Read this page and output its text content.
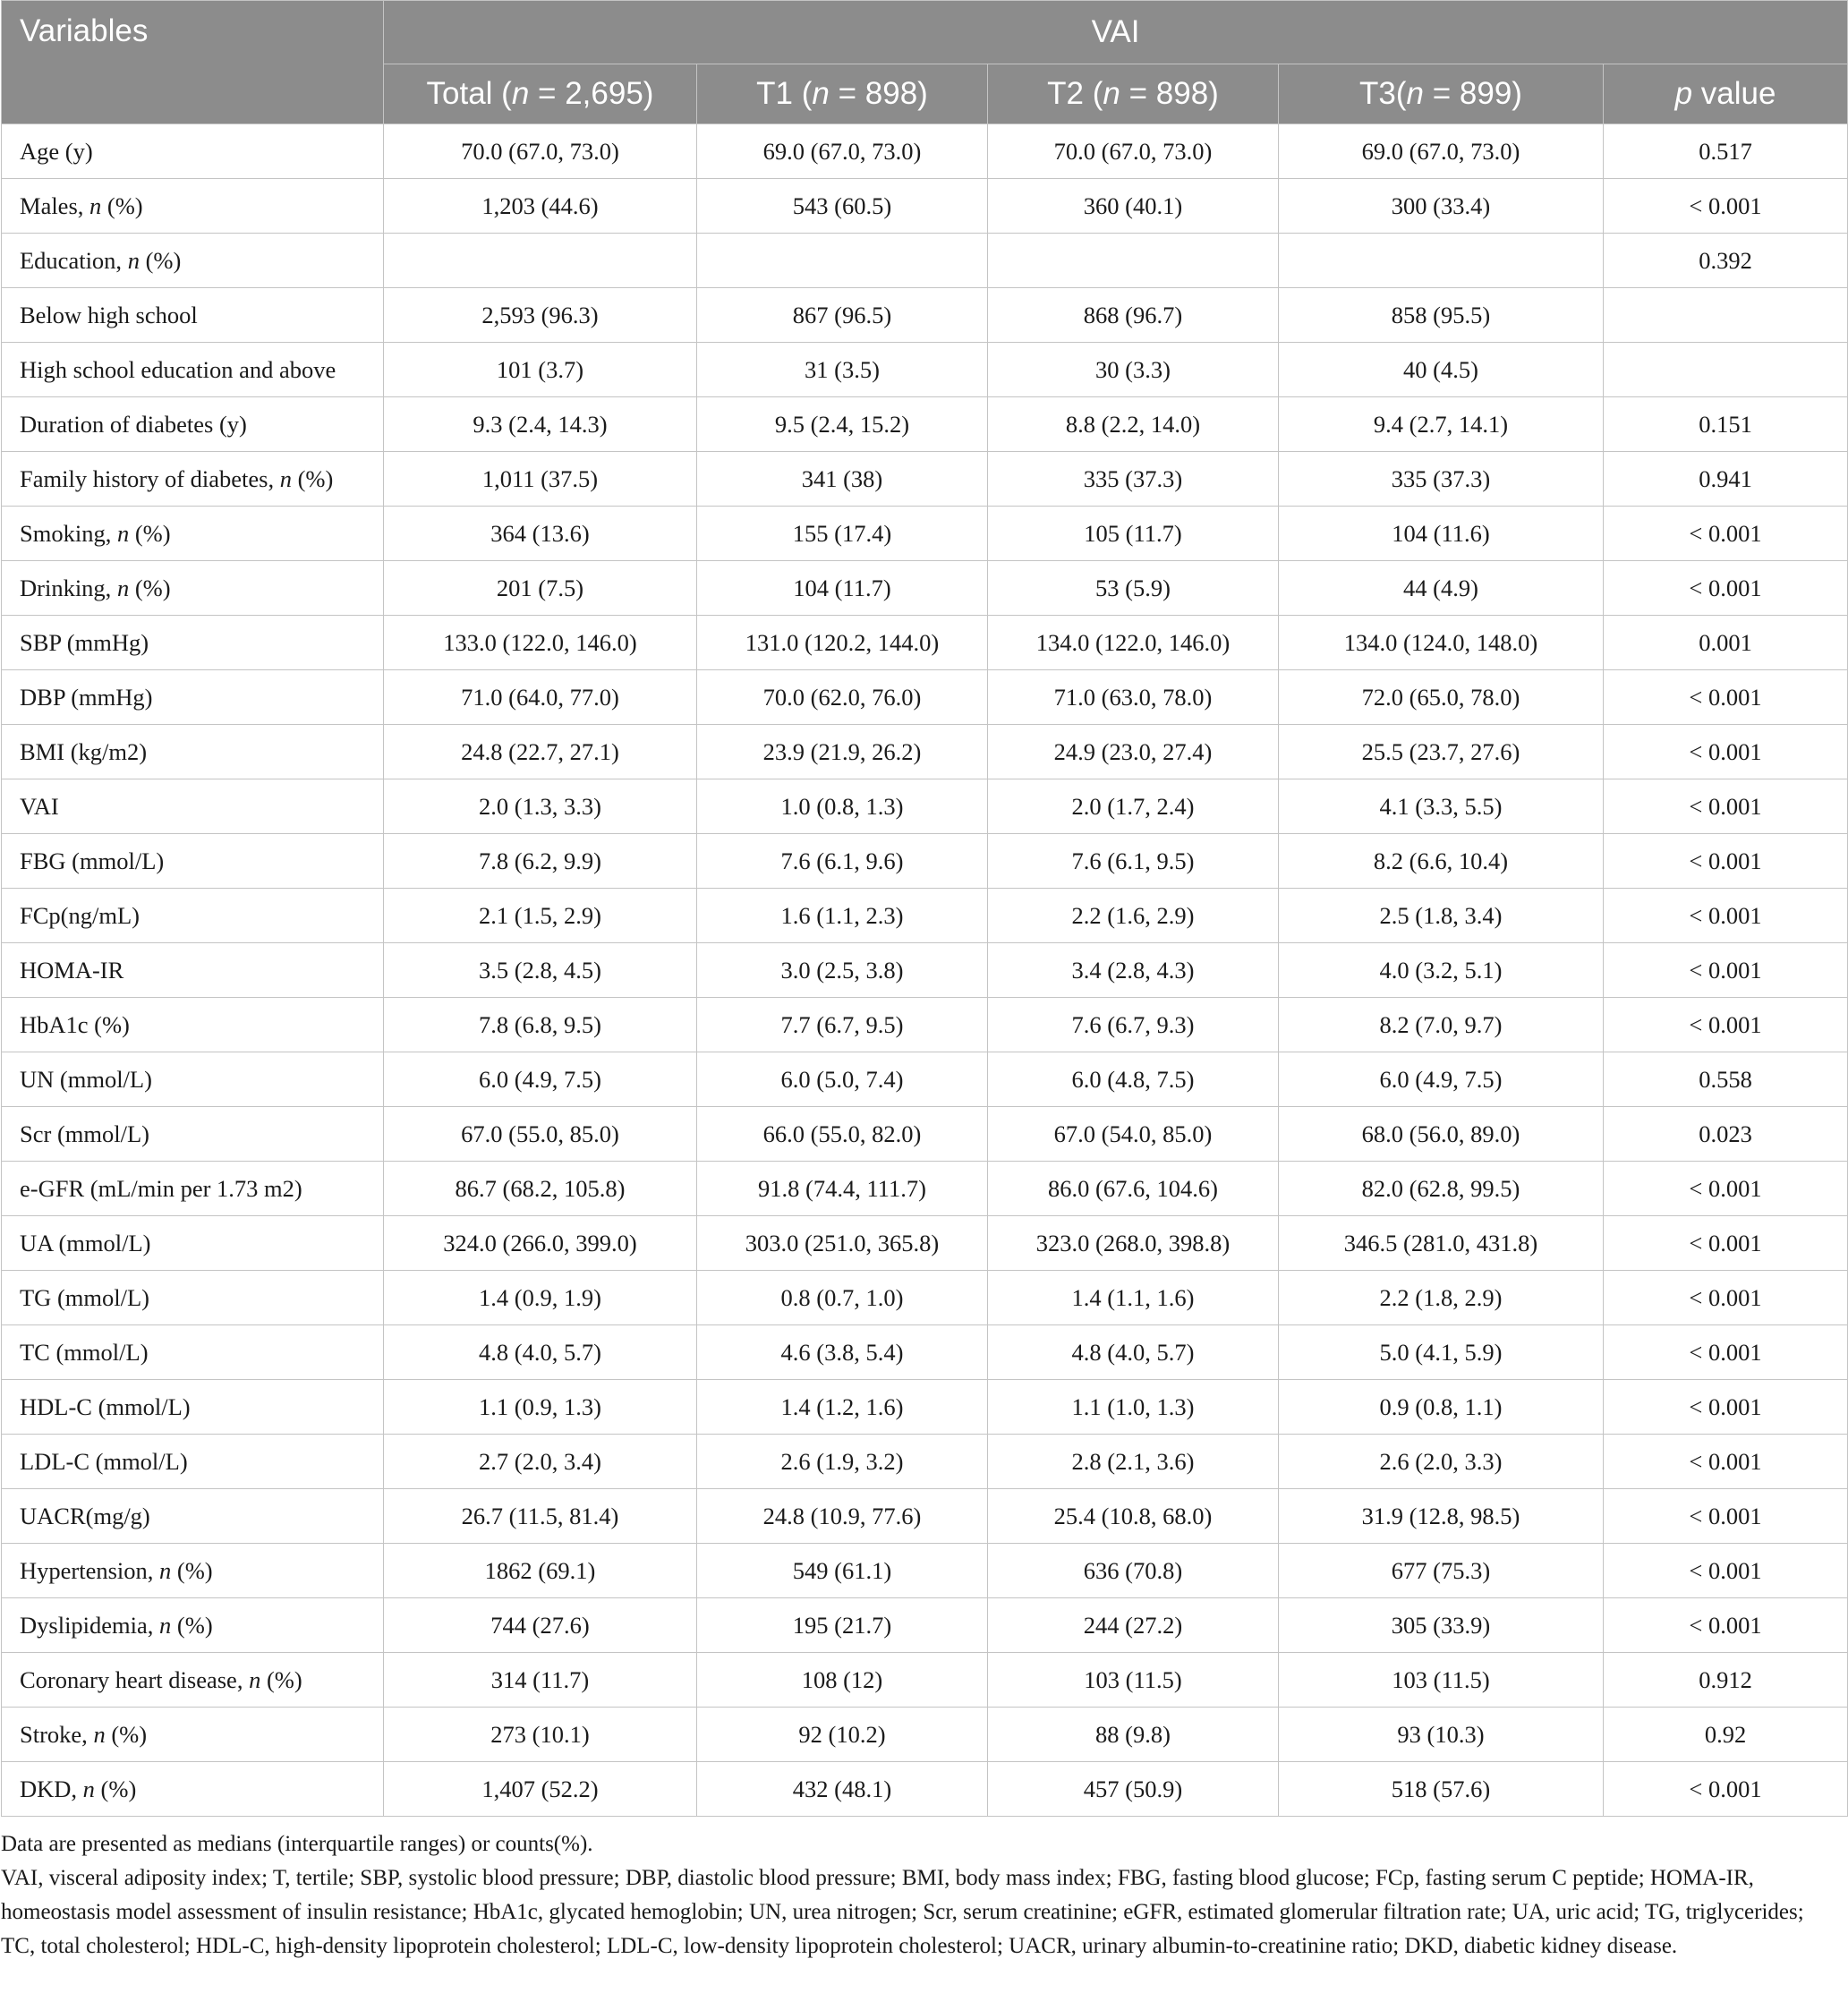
Variables	VAI				
	Total (n = 2,695)	T1 (n = 898)	T2 (n = 898)	T3(n = 899)	p value
Age (y)	70.0 (67.0, 73.0)	69.0 (67.0, 73.0)	70.0 (67.0, 73.0)	69.0 (67.0, 73.0)	0.517
Males, n (%)	1,203 (44.6)	543 (60.5)	360 (40.1)	300 (33.4)	< 0.001
Education, n (%)					0.392
Below high school	2,593 (96.3)	867 (96.5)	868 (96.7)	858 (95.5)	
High school education and above	101 (3.7)	31 (3.5)	30 (3.3)	40 (4.5)	
Duration of diabetes (y)	9.3 (2.4, 14.3)	9.5 (2.4, 15.2)	8.8 (2.2, 14.0)	9.4 (2.7, 14.1)	0.151
Family history of diabetes, n (%)	1,011 (37.5)	341 (38)	335 (37.3)	335 (37.3)	0.941
Smoking, n (%)	364 (13.6)	155 (17.4)	105 (11.7)	104 (11.6)	< 0.001
Drinking, n (%)	201 (7.5)	104 (11.7)	53 (5.9)	44 (4.9)	< 0.001
SBP (mmHg)	133.0 (122.0, 146.0)	131.0 (120.2, 144.0)	134.0 (122.0, 146.0)	134.0 (124.0, 148.0)	0.001
DBP (mmHg)	71.0 (64.0, 77.0)	70.0 (62.0, 76.0)	71.0 (63.0, 78.0)	72.0 (65.0, 78.0)	< 0.001
BMI (kg/m2)	24.8 (22.7, 27.1)	23.9 (21.9, 26.2)	24.9 (23.0, 27.4)	25.5 (23.7, 27.6)	< 0.001
VAI	2.0 (1.3, 3.3)	1.0 (0.8, 1.3)	2.0 (1.7, 2.4)	4.1 (3.3, 5.5)	< 0.001
FBG (mmol/L)	7.8 (6.2, 9.9)	7.6 (6.1, 9.6)	7.6 (6.1, 9.5)	8.2 (6.6, 10.4)	< 0.001
FCp(ng/mL)	2.1 (1.5, 2.9)	1.6 (1.1, 2.3)	2.2 (1.6, 2.9)	2.5 (1.8, 3.4)	< 0.001
HOMA-IR	3.5 (2.8, 4.5)	3.0 (2.5, 3.8)	3.4 (2.8, 4.3)	4.0 (3.2, 5.1)	< 0.001
HbA1c (%)	7.8 (6.8, 9.5)	7.7 (6.7, 9.5)	7.6 (6.7, 9.3)	8.2 (7.0, 9.7)	< 0.001
UN (mmol/L)	6.0 (4.9, 7.5)	6.0 (5.0, 7.4)	6.0 (4.8, 7.5)	6.0 (4.9, 7.5)	0.558
Scr (mmol/L)	67.0 (55.0, 85.0)	66.0 (55.0, 82.0)	67.0 (54.0, 85.0)	68.0 (56.0, 89.0)	0.023
e-GFR (mL/min per 1.73 m2)	86.7 (68.2, 105.8)	91.8 (74.4, 111.7)	86.0 (67.6, 104.6)	82.0 (62.8, 99.5)	< 0.001
UA (mmol/L)	324.0 (266.0, 399.0)	303.0 (251.0, 365.8)	323.0 (268.0, 398.8)	346.5 (281.0, 431.8)	< 0.001
TG (mmol/L)	1.4 (0.9, 1.9)	0.8 (0.7, 1.0)	1.4 (1.1, 1.6)	2.2 (1.8, 2.9)	< 0.001
TC (mmol/L)	4.8 (4.0, 5.7)	4.6 (3.8, 5.4)	4.8 (4.0, 5.7)	5.0 (4.1, 5.9)	< 0.001
HDL-C (mmol/L)	1.1 (0.9, 1.3)	1.4 (1.2, 1.6)	1.1 (1.0, 1.3)	0.9 (0.8, 1.1)	< 0.001
LDL-C (mmol/L)	2.7 (2.0, 3.4)	2.6 (1.9, 3.2)	2.8 (2.1, 3.6)	2.6 (2.0, 3.3)	< 0.001
UACR(mg/g)	26.7 (11.5, 81.4)	24.8 (10.9, 77.6)	25.4 (10.8, 68.0)	31.9 (12.8, 98.5)	< 0.001
Hypertension, n (%)	1862 (69.1)	549 (61.1)	636 (70.8)	677 (75.3)	< 0.001
Dyslipidemia, n (%)	744 (27.6)	195 (21.7)	244 (27.2)	305 (33.9)	< 0.001
Coronary heart disease, n (%)	314 (11.7)	108 (12)	103 (11.5)	103 (11.5)	0.912
Stroke, n (%)	273 (10.1)	92 (10.2)	88 (9.8)	93 (10.3)	0.92
DKD, n (%)	1,407 (52.2)	432 (48.1)	457 (50.9)	518 (57.6)	< 0.001

Data are presented as medians (interquartile ranges) or counts(%).

VAI, visceral adiposity index; T, tertile; SBP, systolic blood pressure; DBP, diastolic blood pressure; BMI, body mass index; FBG, fasting blood glucose; FCp, fasting serum C peptide; HOMA-IR, homeostasis model assessment of insulin resistance; HbA1c, glycated hemoglobin; UN, urea nitrogen; Scr, serum creatinine; eGFR, estimated glomerular filtration rate; UA, uric acid; TG, triglycerides; TC, total cholesterol; HDL-C, high-density lipoprotein cholesterol; LDL-C, low-density lipoprotein cholesterol; UACR, urinary albumin-to-creatinine ratio; DKD, diabetic kidney disease.
